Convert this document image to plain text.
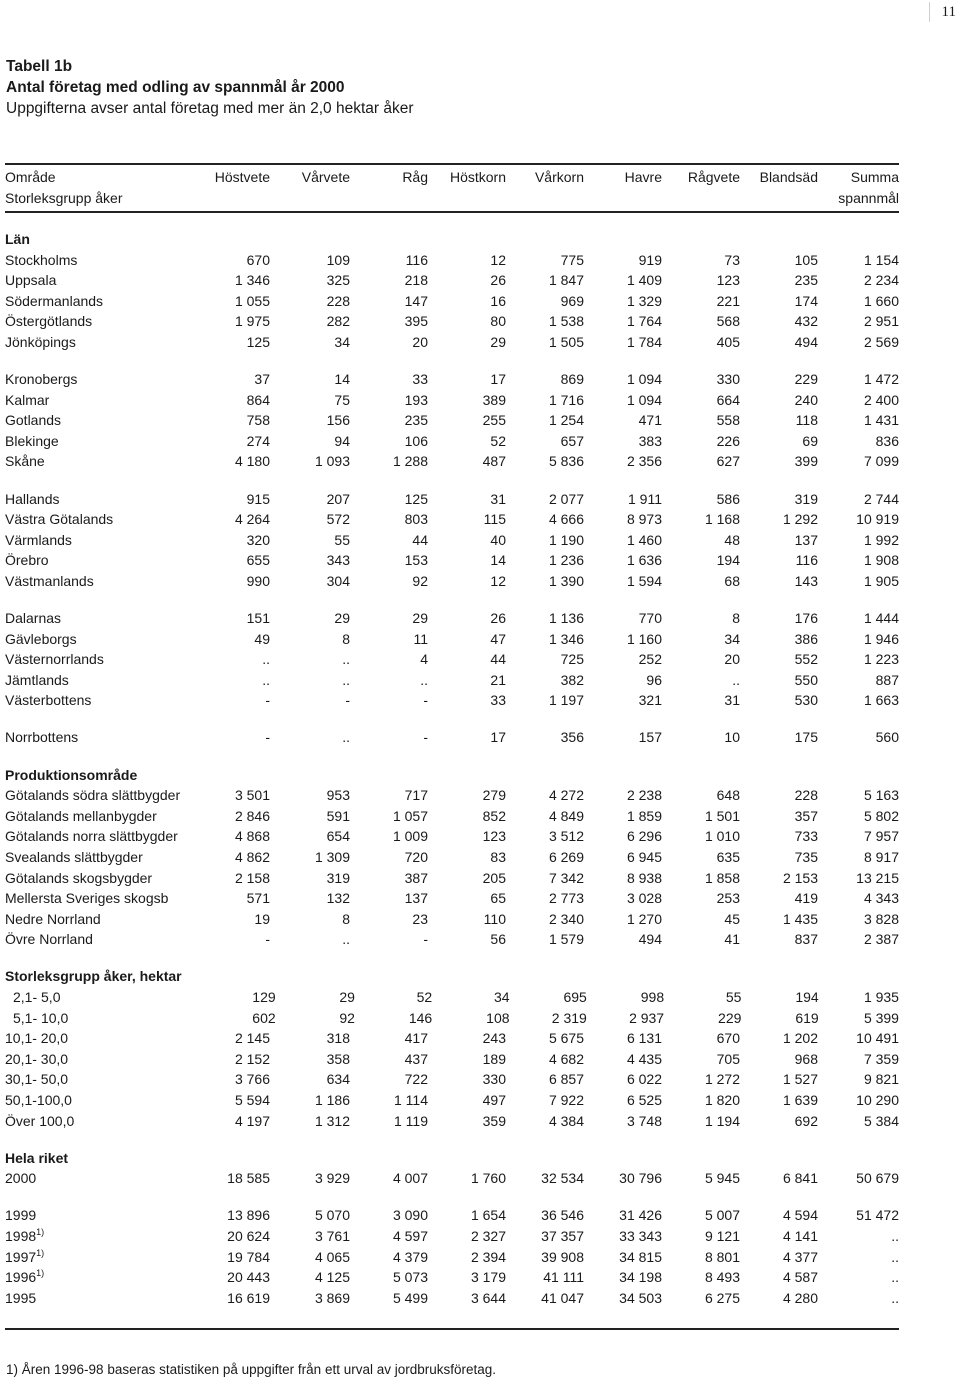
11
Tabell 1b
Antal företag med odling av spannmål år 2000
Uppgifterna avser antal företag med mer än 2,0 hektar åker
Område	Höstvete	Vårvete	Råg	Höstkorn	Vårkorn	Havre	Rågvete	Blandsäd	Summa
Storleksgrupp åker	spannmål
Län
Stockholms	670	109	116	12	775	919	73	105	1 154
Uppsala	1 346	325	218	26	1 847	1 409	123	235	2 234
Södermanlands	1 055	228	147	16	969	1 329	221	174	1 660
Östergötlands	1 975	282	395	80	1 538	1 764	568	432	2 951
Jönköpings	125	34	20	29	1 505	1 784	405	494	2 569
Kronobergs	37	14	33	17	869	1 094	330	229	1 472
Kalmar	864	75	193	389	1 716	1 094	664	240	2 400
Gotlands	758	156	235	255	1 254	471	558	118	1 431
Blekinge	274	94	106	52	657	383	226	69	836
Skåne	4 180	1 093	1 288	487	5 836	2 356	627	399	7 099
Hallands	915	207	125	31	2 077	1 911	586	319	2 744
Västra Götalands	4 264	572	803	115	4 666	8 973	1 168	1 292	10 919
Värmlands	320	55	44	40	1 190	1 460	48	137	1 992
Örebro	655	343	153	14	1 236	1 636	194	116	1 908
Västmanlands	990	304	92	12	1 390	1 594	68	143	1 905
Dalarnas	151	29	29	26	1 136	770	8	176	1 444
Gävleborgs	49	8	11	47	1 346	1 160	34	386	1 946
Västernorrlands	..	..	4	44	725	252	20	552	1 223
Jämtlands	..	..	..	21	382	96	..	550	887
Västerbottens	-	-	-	33	1 197	321	31	530	1 663
Norrbottens	-	..	-	17	356	157	10	175	560
Produktionsområde
Götalands södra slättbygder	3 501	953	717	279	4 272	2 238	648	228	5 163
Götalands mellanbygder	2 846	591	1 057	852	4 849	1 859	1 501	357	5 802
Götalands norra slättbygder	4 868	654	1 009	123	3 512	6 296	1 010	733	7 957
Svealands slättbygder	4 862	1 309	720	83	6 269	6 945	635	735	8 917
Götalands skogsbygder	2 158	319	387	205	7 342	8 938	1 858	2 153	13 215
Mellersta Sveriges skogsb	571	132	137	65	2 773	3 028	253	419	4 343
Nedre Norrland	19	8	23	110	2 340	1 270	45	1 435	3 828
Övre Norrland	-	..	-	56	1 579	494	41	837	2 387
Storleksgrupp åker, hektar
2,1- 5,0	129	29	52	34	695	998	55	194	1 935
5,1- 10,0	602	92	146	108	2 319	2 937	229	619	5 399
10,1- 20,0	2 145	318	417	243	5 675	6 131	670	1 202	10 491
20,1- 30,0	2 152	358	437	189	4 682	4 435	705	968	7 359
30,1- 50,0	3 766	634	722	330	6 857	6 022	1 272	1 527	9 821
50,1-100,0	5 594	1 186	1 114	497	7 922	6 525	1 820	1 639	10 290
Över 100,0	4 197	1 312	1 119	359	4 384	3 748	1 194	692	5 384
Hela riket
2000	18 585	3 929	4 007	1 760	32 534	30 796	5 945	6 841	50 679
1999	13 896	5 070	3 090	1 654	36 546	31 426	5 007	4 594	51 472
1998$^{1)}$	20 624	3 761	4 597	2 327	37 357	33 343	9 121	4 141	..
1997$^{1)}$	19 784	4 065	4 379	2 394	39 908	34 815	8 801	4 377	..
1996$^{1)}$	20 443	4 125	5 073	3 179	41 111	34 198	8 493	4 587	..
1995	16 619	3 869	5 499	3 644	41 047	34 503	6 275	4 280	..
1) Åren 1996-98 baseras statistiken på uppgifter från ett urval av jordbruksföretag.
